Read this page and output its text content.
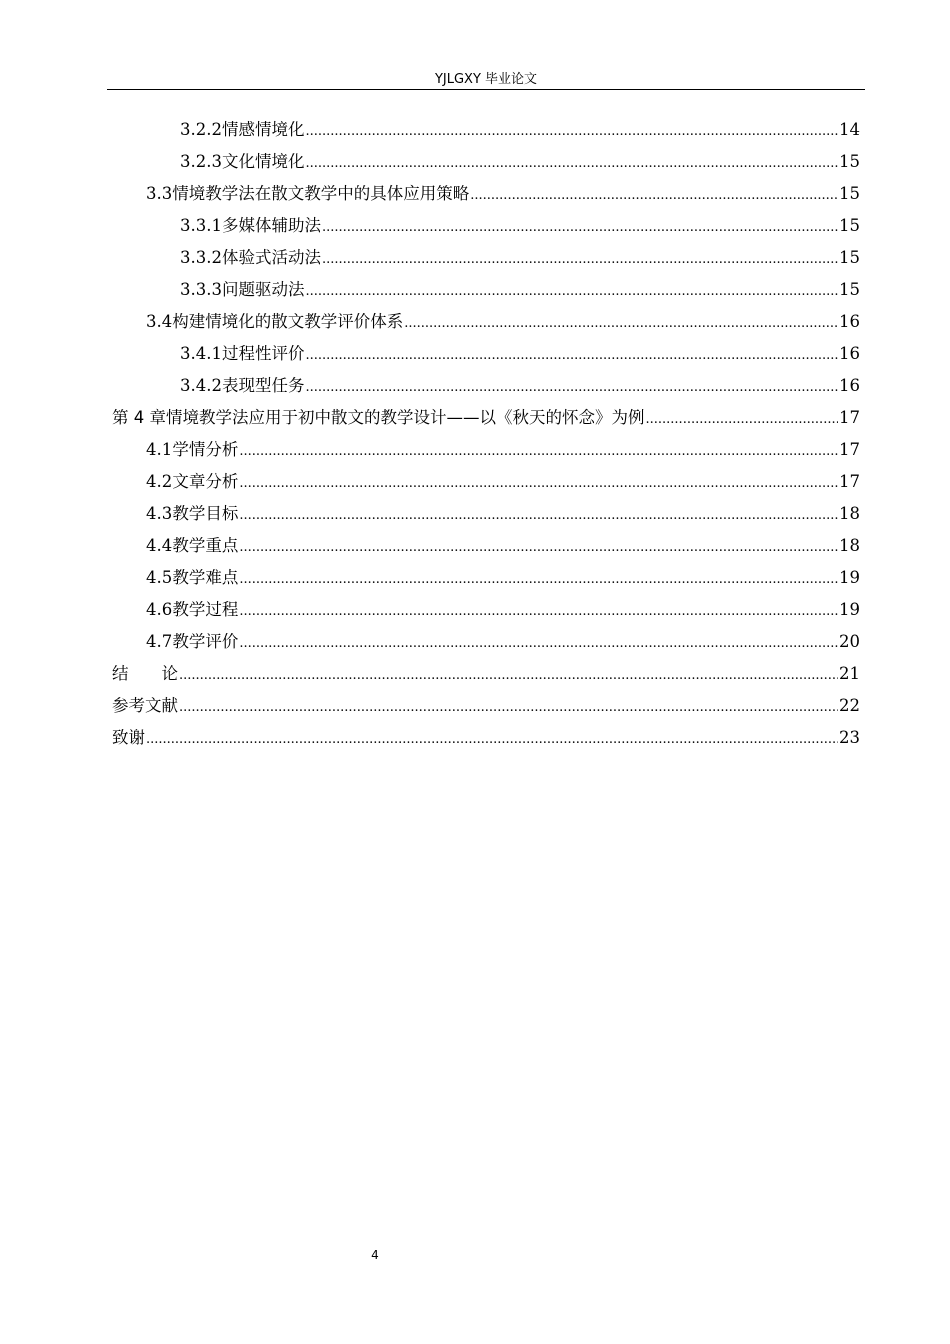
YJLGXY 毕业论文
3.2.2 情感情境化 .....	14
3.2.3 文化情境化 .....	15
3.3 情境教学法在散文教学中的具体应用策略 .....	15
3.3.1 多媒体辅助法 .....	15
3.3.2 体验式活动法 .....	15
3.3.3 问题驱动法 .....	15
3.4 构建情境化的散文教学评价体系 .....	16
3.4.1 过程性评价 .....	16
3.4.2 表现型任务 .....	16
第 4 章 情境教学法应用于初中散文的教学设计——以《秋天的怀念》为例 .....	17
4.1 学情分析 .....	17
4.2 文章分析 .....	17
4.3 教学目标 .....	18
4.4 教学重点 .....	18
4.5 教学难点 .....	19
4.6 教学过程 .....	19
4.7 教学评价 .....	20
结　　论 .....	21
参考文献 .....	22
致谢 .....	23
4
